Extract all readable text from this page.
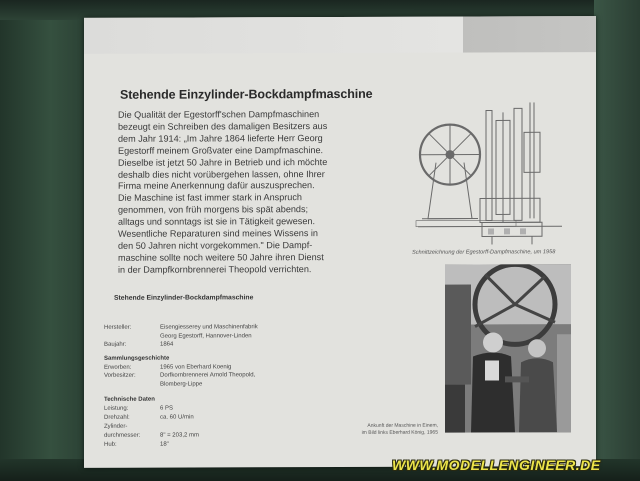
Stehende Einzylinder-Bockdampfmaschine

Die Qualität der Egestorff'schen Dampfmaschinen
bezeugt ein Schreiben des damaligen Besitzers aus
dem Jahr 1914: „Im Jahre 1864 lieferte Herr Georg
Egestorff meinem Großvater eine Dampfmaschine.
Dieselbe ist jetzt 50 Jahre in Betrieb und ich möchte
deshalb dies nicht vorübergehen lassen, ohne Ihrer
Firma meine Anerkennung dafür auszusprechen.
Die Maschine ist fast immer stark in Anspruch
genommen, von früh morgens bis spät abends;
alltags und sonntags ist sie in Tätigkeit gewesen.
Wesentliche Reparaturen sind meines Wissens in
den 50 Jahren nicht vorgekommen." Die Dampf-
maschine sollte noch weitere 50 Jahre ihren Dienst
in der Dampfkornbrennerei Theopold verrichten.

Schnittzeichnung der Egestorff-Dampfmaschine, um 1958
Ankunft der Maschine in Einem,
im Bild links Eberhard König, 1965
Stehende Einzylinder-Bockdampfmaschine
Hersteller:	Eisengiesserey und Maschinenfabrik
Georg Egestorff, Hannover-Linden
Baujahr:	1864
Sammlungsgeschichte
Erworben:	1965 von Eberhard Koenig
Vorbesitzer:	Dorfkornbrennerei Arnold Theopold,
Blomberg-Lippe
Technische Daten
Leistung:	6 PS
Drehzahl:	ca. 60 U/min
Zylinder-
durchmesser:	8" = 203,2 mm
Hub:	18"
WWW.MODELLENGINEER.DE
